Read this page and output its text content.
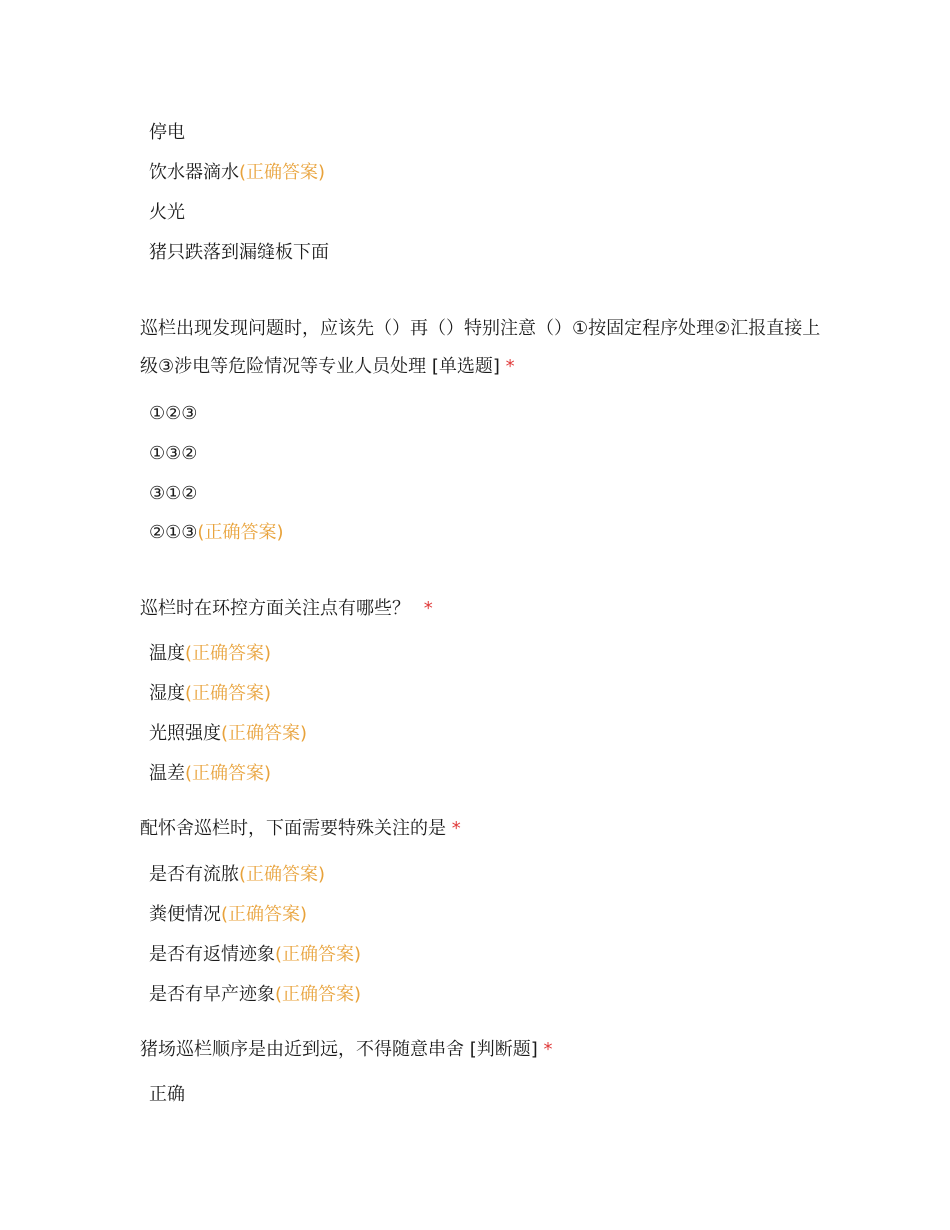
停电
饮水器滴水(正确答案)
火光
猪只跌落到漏缝板下面
巡栏出现发现问题时，应该先（）再（）特别注意（）①按固定程序处理②汇报直接上级③涉电等危险情况等专业人员处理 [单选题] *
①②③
①③②
③①②
②①③(正确答案)
巡栏时在环控方面关注点有哪些？ *
温度(正确答案)
湿度(正确答案)
光照强度(正确答案)
温差(正确答案)
配怀舍巡栏时，下面需要特殊关注的是 *
是否有流脓(正确答案)
粪便情况(正确答案)
是否有返情迹象(正确答案)
是否有早产迹象(正确答案)
猪场巡栏顺序是由近到远，不得随意串舍 [判断题] *
正确
